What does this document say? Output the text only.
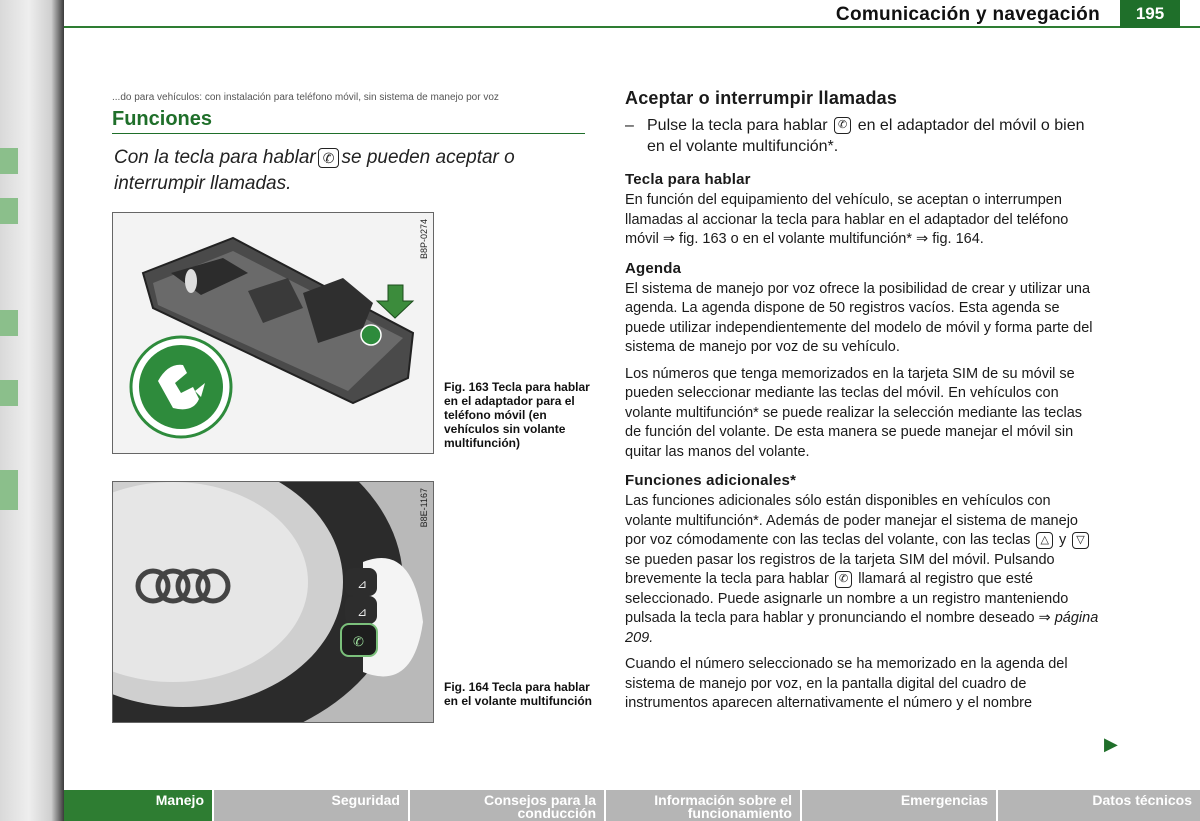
Comunicación y navegación	195
...do para vehículos: con instalación para teléfono móvil, sin sistema de manejo por voz
Funciones
Con la tecla para hablar ✆ se pueden aceptar o interrumpir llamadas.
B8P-0274
Fig. 163 Tecla para hablar en el adaptador para el teléfono móvil (en vehículos sin volante multifunción)
⊿
⊿
✆
B8E-1167
Fig. 164 Tecla para hablar en el volante multifunción
Aceptar o interrumpir llamadas
– Pulse la tecla para hablar ✆ en el adaptador del móvil o bien en el volante multifunción*.
Tecla para hablar
En función del equipamiento del vehículo, se aceptan o interrumpen llamadas al accionar la tecla para hablar en el adaptador del teléfono móvil ⇒ fig. 163 o en el volante multifunción* ⇒ fig. 164.
Agenda
El sistema de manejo por voz ofrece la posibilidad de crear y utilizar una agenda. La agenda dispone de 50 registros vacíos. Esta agenda se puede utilizar independientemente del modelo de móvil y forma parte del sistema de manejo por voz de su vehículo.
Los números que tenga memorizados en la tarjeta SIM de su móvil se pueden seleccionar mediante las teclas del móvil. En vehículos con volante multifunción* se puede realizar la selección mediante las teclas de función del volante. De esta manera se puede manejar el móvil sin quitar las manos del volante.
Funciones adicionales*
Las funciones adicionales sólo están disponibles en vehículos con volante multifunción*. Además de poder manejar el sistema de manejo por voz cómodamente con las teclas del volante, con las teclas △ y ▽ se pueden pasar los registros de la tarjeta SIM del móvil. Pulsando brevemente la tecla para hablar ✆ llamará al registro que esté seleccionado. Puede asignarle un nombre a un registro manteniendo pulsada la tecla para hablar y pronunciando el nombre deseado ⇒ página 209.
Cuando el número seleccionado se ha memorizado en la agenda del sistema de manejo por voz, en la pantalla digital del cuadro de instrumentos aparecen alternativamente el número y el nombre
▶
Manejo	Seguridad	Consejos para la conducción
Información sobre el funcionamiento
Emergencias	Datos técnicos
